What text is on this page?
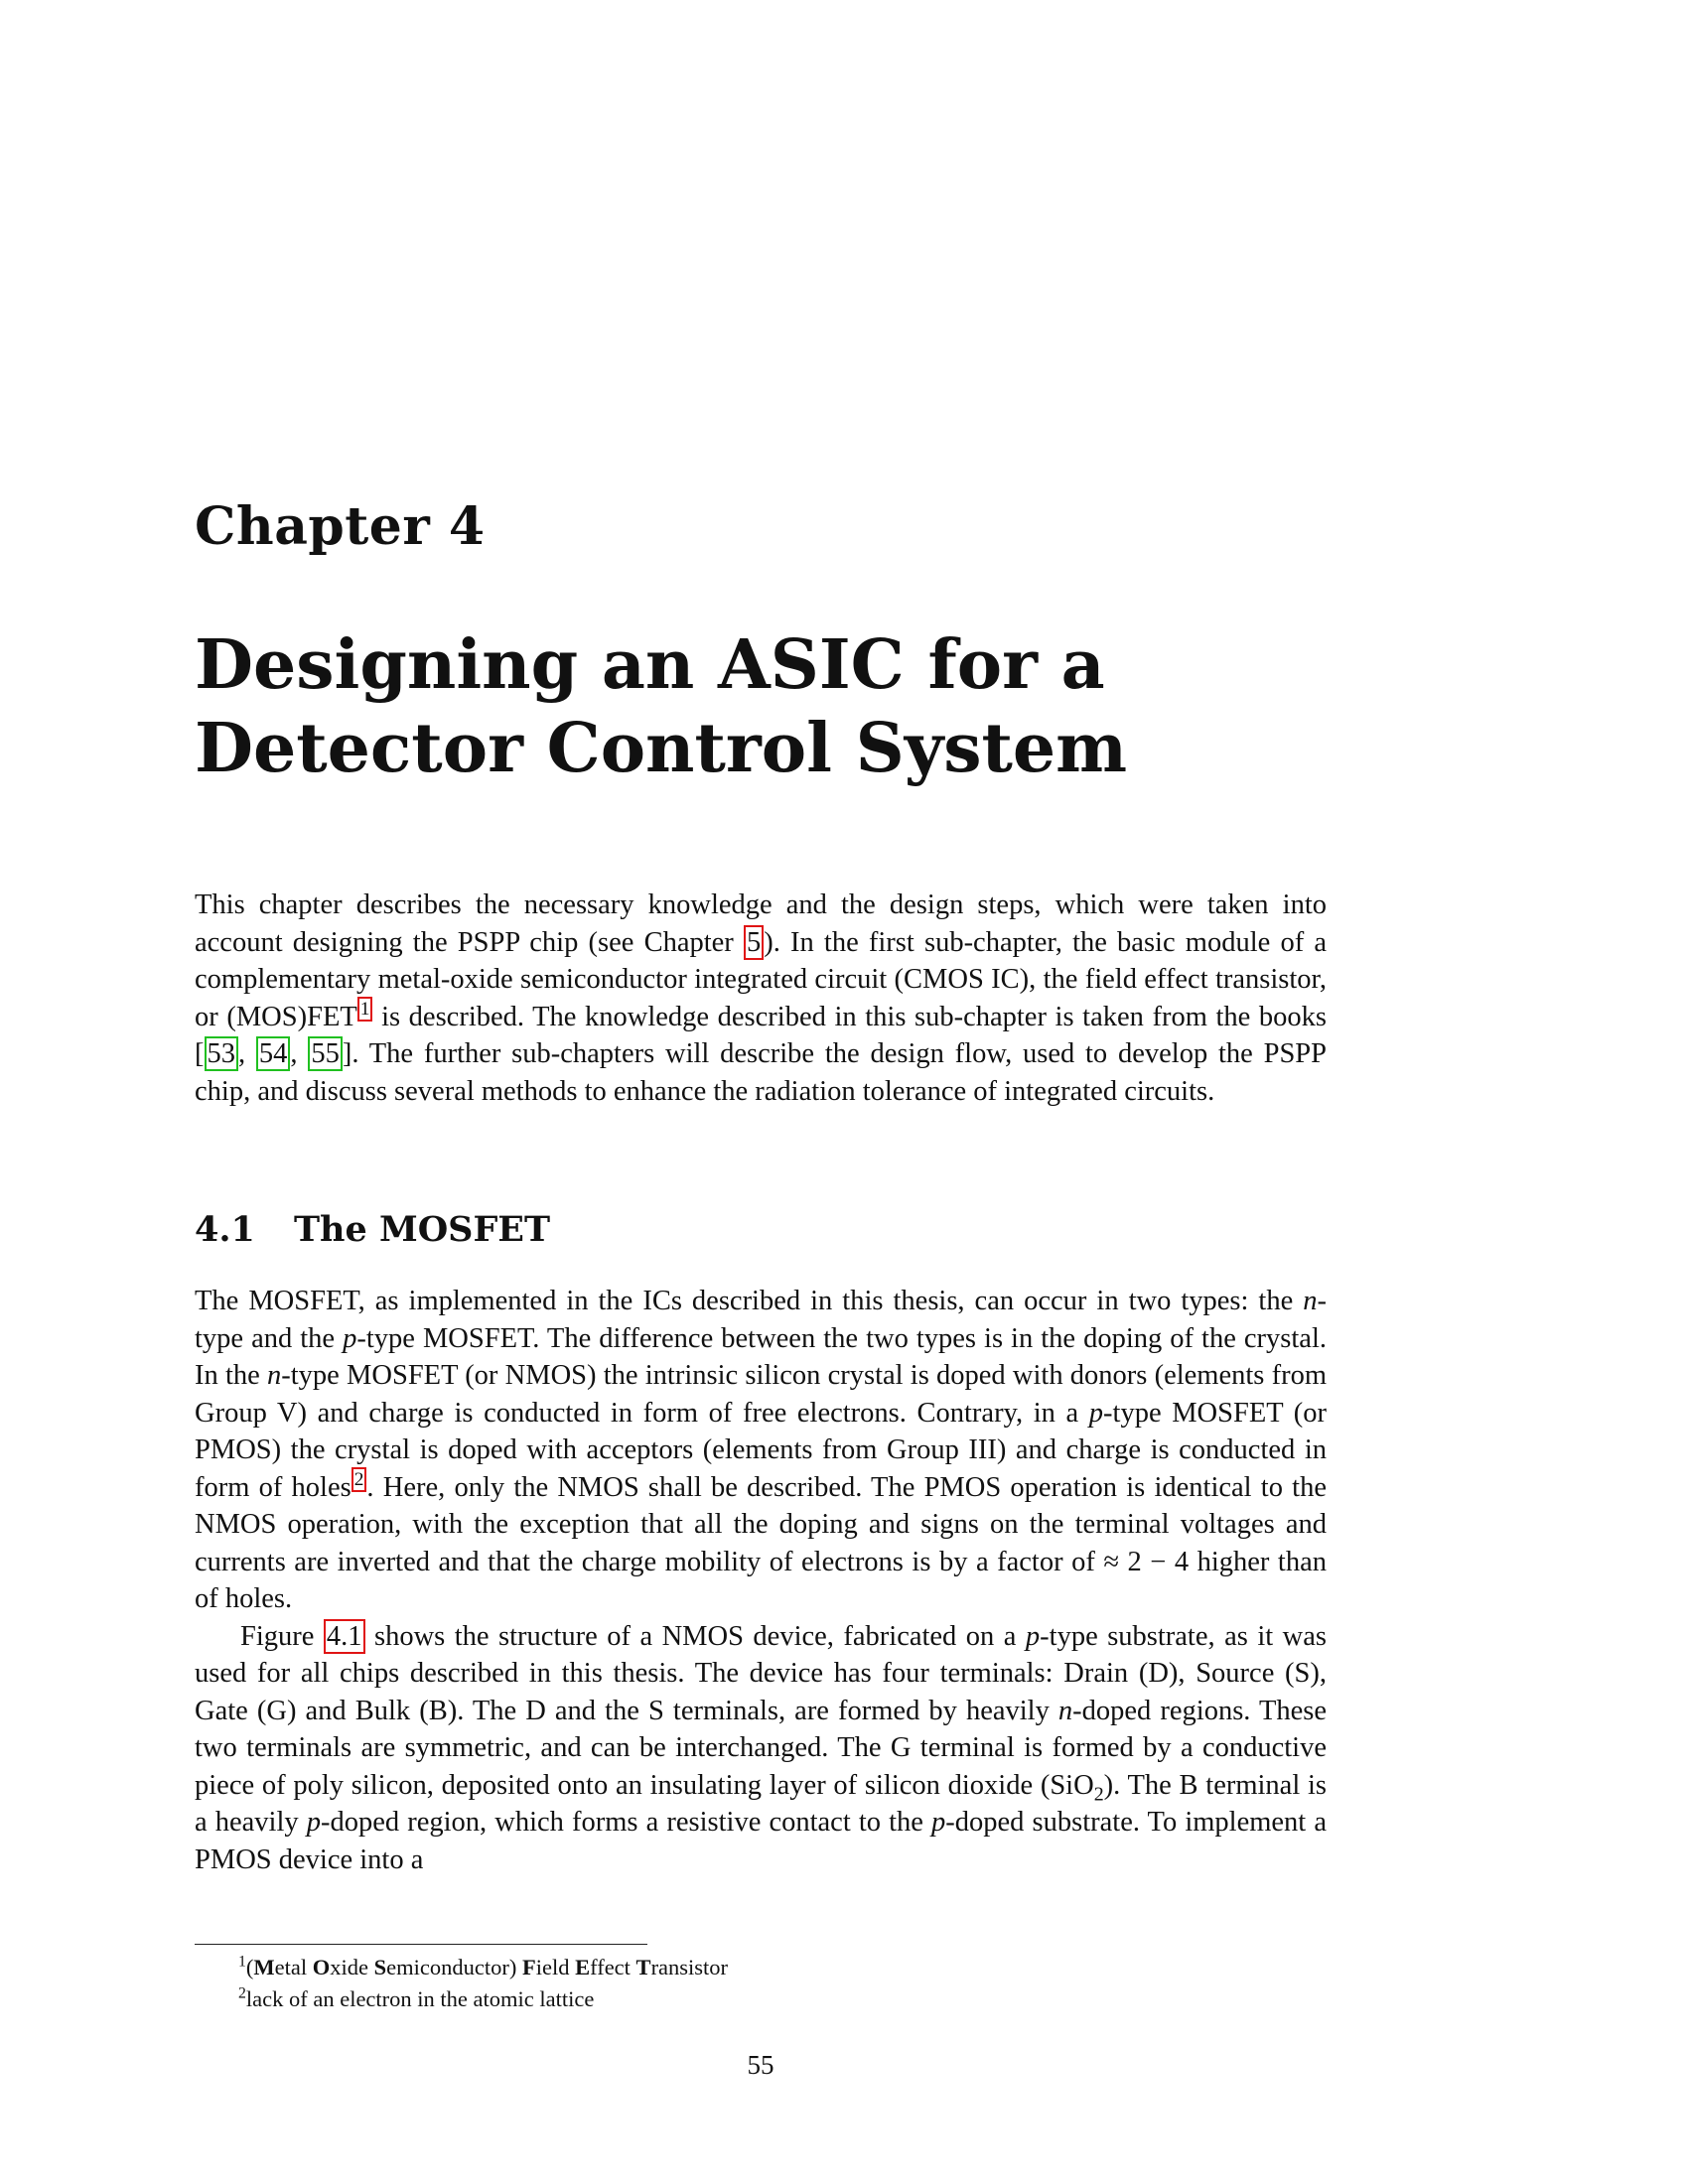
Chapter 4
Designing an ASIC for a Detector Control System

This chapter describes the necessary knowledge and the design steps, which were taken into account designing the PSPP chip (see Chapter 5 ). In the first sub-chapter, the basic module of a complementary metal-oxide semiconductor integrated circuit (CMOS IC), the field effect transistor, or (MOS)FET $^1$ is described. The knowledge described in this sub-chapter is taken from the books [ 53 , 54 , 55 ]. The further sub-chapters will describe the design flow, used to develop the PSPP chip, and discuss several methods to enhance the radiation tolerance of integrated circuits.

4.1 The MOSFET

The MOSFET, as implemented in the ICs described in this thesis, can occur in two types: the n-type and the p-type MOSFET. The difference between the two types is in the doping of the crystal. In the n-type MOSFET (or NMOS) the intrinsic silicon crystal is doped with donors (elements from Group V) and charge is conducted in form of free electrons. Contrary, in a p-type MOSFET (or PMOS) the crystal is doped with acceptors (elements from Group III) and charge is conducted in form of holes $^2$ . Here, only the NMOS shall be described. The PMOS operation is identical to the NMOS operation, with the exception that all the doping and signs on the terminal voltages and currents are inverted and that the charge mobility of electrons is by a factor of ≈ 2 − 4 higher than of holes.

Figure 4.1 shows the structure of a NMOS device, fabricated on a p-type substrate, as it was used for all chips described in this thesis. The device has four terminals: Drain (D), Source (S), Gate (G) and Bulk (B). The D and the S terminals, are formed by heavily n-doped regions. These two terminals are symmetric, and can be interchanged. The G terminal is formed by a conductive piece of poly silicon, deposited onto an insulating layer of silicon dioxide (SiO$_2$). The B terminal is a heavily p-doped region, which forms a resistive contact to the p-doped substrate. To implement a PMOS device into a

$^1$(Metal Oxide Semiconductor) Field Effect Transistor
$^2$lack of an electron in the atomic lattice
55
